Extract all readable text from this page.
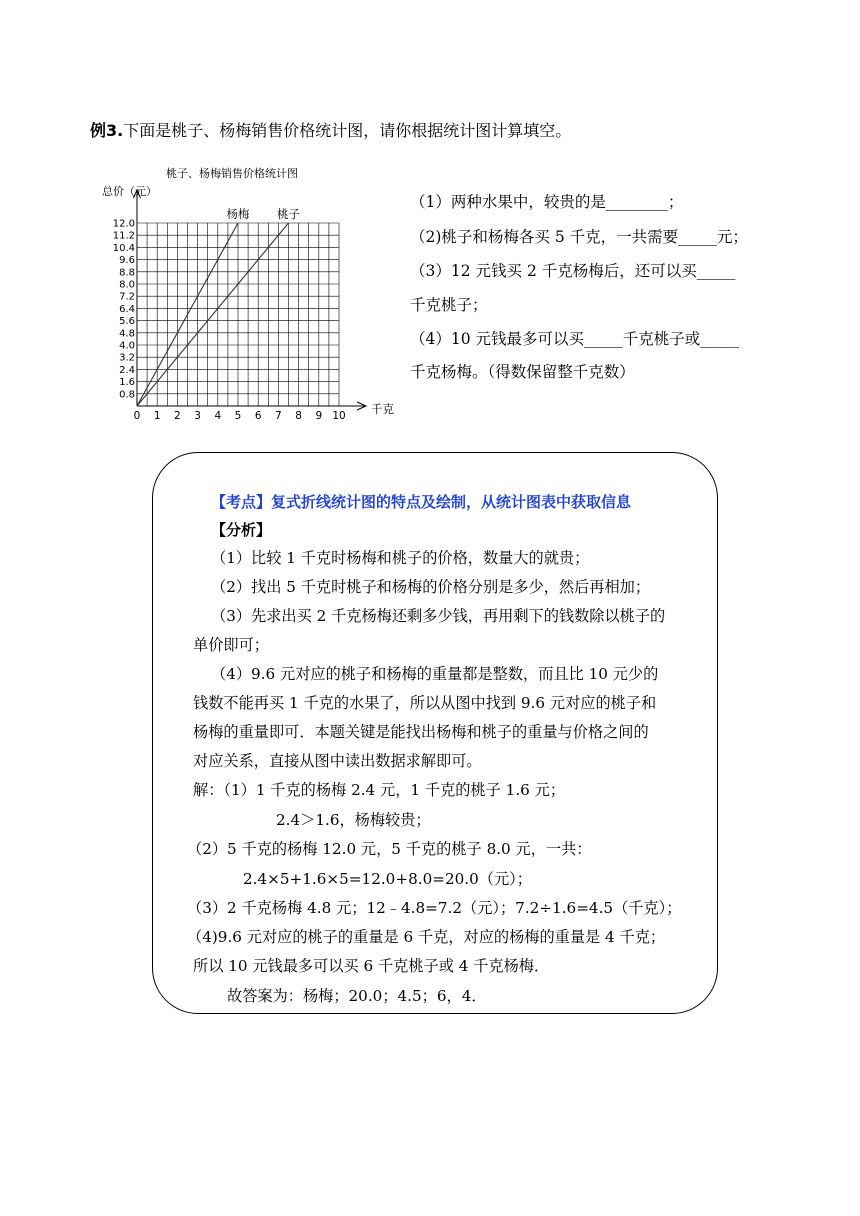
例3.下面是桃子、杨梅销售价格统计图，请你根据统计图计算填空。
桃子、杨梅销售价格统计图
总价（元）
千克
0 1 2 3 4 5 6 7 8 9 10
0.8
1.6
2.4
3.2
4.0
4.8
5.6
6.4
7.2
8.0
8.8
9.6
10.4
11.2
12.0
杨梅 桃子
（1）两种水果中，较贵的是________；
（2)桃子和杨梅各买 5 千克，一共需要_____元；
（3）12 元钱买 2 千克杨梅后，还可以买_____
千克桃子；
（4）10 元钱最多可以买_____千克桃子或_____
千克杨梅。（得数保留整千克数）
【考点】复式折线统计图的特点及绘制，从统计图表中获取信息
【分析】
（1）比较 1 千克时杨梅和桃子的价格，数量大的就贵；
（2）找出 5 千克时桃子和杨梅的价格分别是多少，然后再相加；
（3）先求出买 2 千克杨梅还剩多少钱，再用剩下的钱数除以桃子的
单价即可；
（4）9.6 元对应的桃子和杨梅的重量都是整数，而且比 10 元少的
钱数不能再买 1 千克的水果了，所以从图中找到 9.6 元对应的桃子和
杨梅的重量即可．本题关键是能找出杨梅和桃子的重量与价格之间的
对应关系，直接从图中读出数据求解即可。
解：（1）1 千克的杨梅 2.4 元，1 千克的桃子 1.6 元；
2.4＞1.6，杨梅较贵；
（2）5 千克的杨梅 12.0 元，5 千克的桃子 8.0 元，一共：
2.4×5+1.6×5=12.0+8.0=20.0（元）；
（3）2 千克杨梅 4.8 元；12﹣4.8=7.2（元）；7.2÷1.6=4.5（千克）；
（4)9.6 元对应的桃子的重量是 6 千克，对应的杨梅的重量是 4 千克；
所以 10 元钱最多可以买 6 千克桃子或 4 千克杨梅．
故答案为：杨梅；20.0；4.5；6，4．
